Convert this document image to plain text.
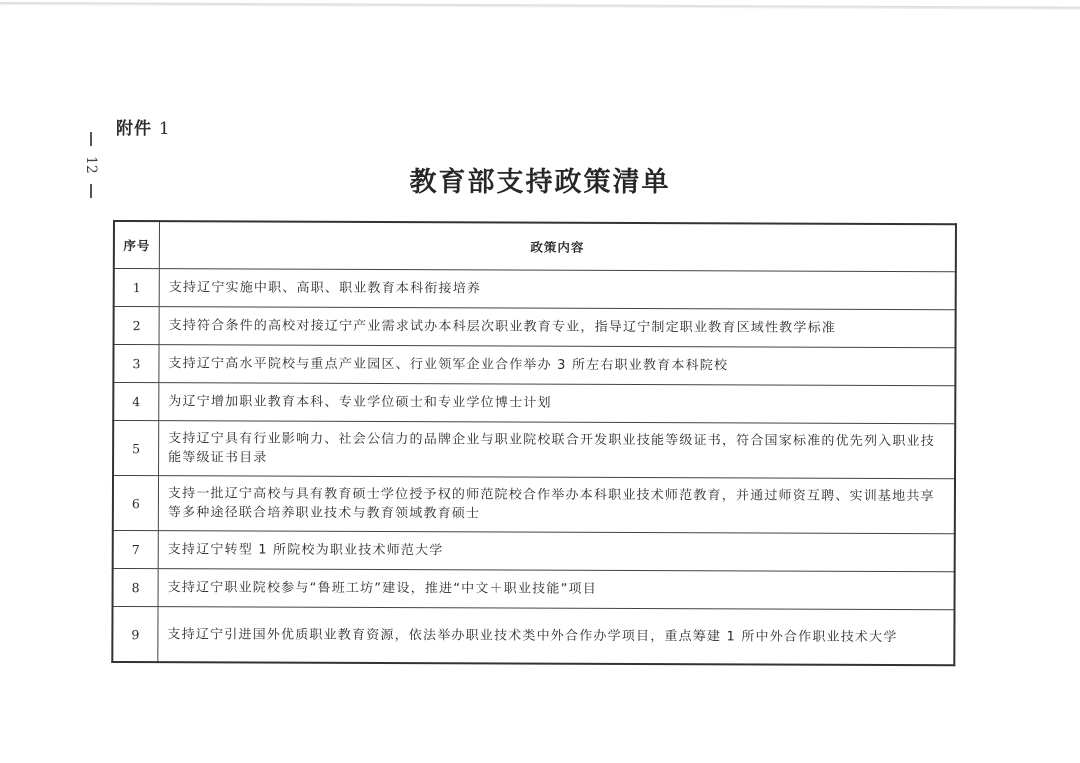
12
附件 1
教育部支持政策清单
序号	政策内容
1	支持辽宁实施中职、高职、职业教育本科衔接培养
2	支持符合条件的高校对接辽宁产业需求试办本科层次职业教育专业，指导辽宁制定职业教育区域性教学标准
3	支持辽宁高水平院校与重点产业园区、行业领军企业合作举办 3 所左右职业教育本科院校
4	为辽宁增加职业教育本科、专业学位硕士和专业学位博士计划
5	支持辽宁具有行业影响力、社会公信力的品牌企业与职业院校联合开发职业技能等级证书，符合国家标准的优先列入职业技能等级证书目录
6	支持一批辽宁高校与具有教育硕士学位授予权的师范院校合作举办本科职业技术师范教育，并通过师资互聘、实训基地共享等多种途径联合培养职业技术与教育领域教育硕士
7	支持辽宁转型 1 所院校为职业技术师范大学
8	支持辽宁职业院校参与“鲁班工坊”建设，推进“中文＋职业技能”项目
9	支持辽宁引进国外优质职业教育资源，依法举办职业技术类中外合作办学项目，重点筹建 1 所中外合作职业技术大学
